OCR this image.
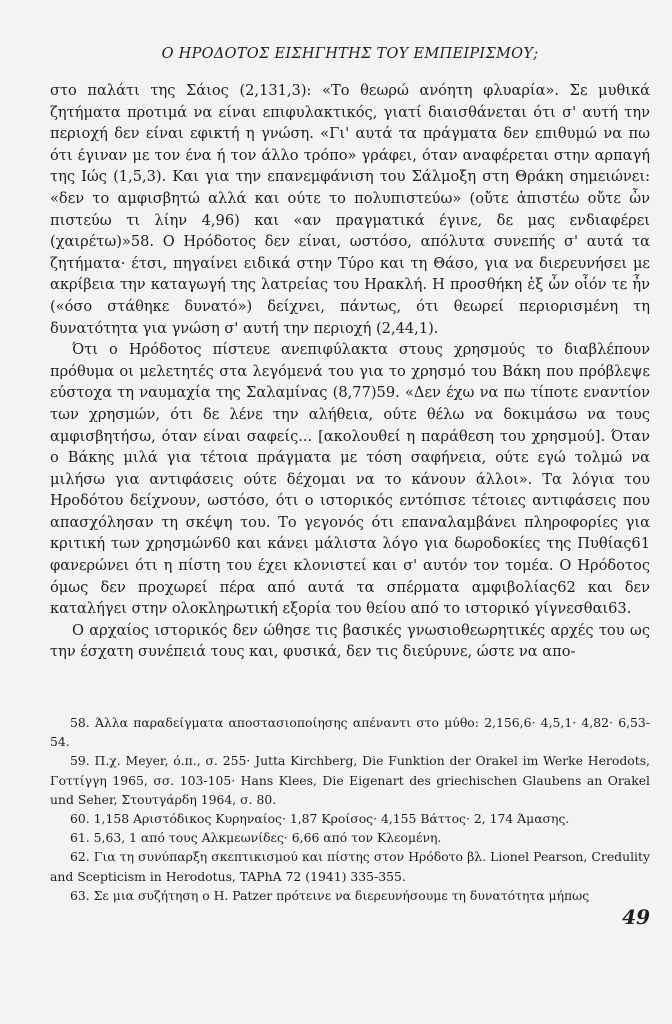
Ο ΗΡΟΔΟΤΟΣ ΕΙΣΗΓΗΤΗΣ ΤΟΥ ΕΜΠΕΙΡΙΣΜΟΥ;

στο παλάτι της Σάιος (2,131,3): «Το θεωρώ ανόητη φλυαρία». Σε μυθικά ζητήματα προτιμά να είναι επιφυλακτικός, γιατί διαισθάνεται ότι σ' αυτή την περιοχή δεν είναι εφικτή η γνώση. «Γι' αυτά τα πράγματα δεν επιθυμώ να πω ότι έγιναν με τον ένα ή τον άλλο τρόπο» γράφει, όταν αναφέρεται στην αρπαγή της Ιώς (1,5,3). Και για την επανεμφάνιση του Σάλμοξη στη Θράκη σημειώνει: «δεν το αμφισβητώ αλλά και ούτε το πολυπιστεύω» (οὔτε ἀπιστέω οὔτε ὦν πιστεύω τι λίην 4,96) και «αν πραγματικά έγινε, δε μας ενδιαφέρει (χαιρέτω)»58. Ο Ηρόδοτος δεν είναι, ωστόσο, απόλυτα συνεπής σ' αυτά τα ζητήματα· έτσι, πηγαίνει ειδικά στην Τύρο και τη Θάσο, για να διερευνήσει με ακρίβεια την καταγωγή της λατρείας του Ηρακλή. Η προσθήκη ἐξ ὧν οἷόν τε ἦν («όσο στάθηκε δυνατό») δείχνει, πάντως, ότι θεωρεί περιορισμένη τη δυνατότητα για γνώση σ' αυτή την περιοχή (2,44,1).

Ότι ο Ηρόδοτος πίστευε ανεπιφύλακτα στους χρησμούς το διαβλέπουν πρόθυμα οι μελετητές στα λεγόμενά του για το χρησμό του Βάκη που πρόβλεψε εύστοχα τη ναυμαχία της Σαλαμίνας (8,77)59. «Δεν έχω να πω τίποτε εναντίον των χρησμών, ότι δε λένε την αλήθεια, ούτε θέλω να δοκιμάσω να τους αμφισβητήσω, όταν είναι σαφείς... [ακολουθεί η παράθεση του χρησμού]. Όταν ο Βάκης μιλά για τέτοια πράγματα με τόση σαφήνεια, ούτε εγώ τολμώ να μιλήσω για αντιφάσεις ούτε δέχομαι να το κάνουν άλλοι». Τα λόγια του Ηροδότου δείχνουν, ωστόσο, ότι ο ιστορικός εντόπισε τέτοιες αντιφάσεις που απασχόλησαν τη σκέψη του. Το γεγονός ότι επαναλαμβάνει πληροφορίες για κριτική των χρησμών60 και κάνει μάλιστα λόγο για δωροδοκίες της Πυθίας61 φανερώνει ότι η πίστη του έχει κλονιστεί και σ' αυτόν τον τομέα. Ο Ηρόδοτος όμως δεν προχωρεί πέρα από αυτά τα σπέρματα αμφιβολίας62 και δεν καταλήγει στην ολοκληρωτική εξορία του θείου από το ιστορικό γίγνεσθαι63.

Ο αρχαίος ιστορικός δεν ώθησε τις βασικές γνωσιοθεωρητικές αρχές του ως την έσχατη συνέπειά τους και, φυσικά, δεν τις διεύρυνε, ώστε να απο-

58. Άλλα παραδείγματα αποστασιοποίησης απέναντι στο μύθο: 2,156,6· 4,5,1· 4,82· 6,53-54.
59. Π.χ. Meyer, ό.π., σ. 255· Jutta Kirchberg, Die Funktion der Orakel im Werke Herodots, Γοττίγγη 1965, σσ. 103-105· Hans Klees, Die Eigenart des griechischen Glaubens an Orakel und Seher, Στουτγάρδη 1964, σ. 80.
60. 1,158 Αριστόδικος Κυρηναίος· 1,87 Κροίσος· 4,155 Βάττος· 2, 174 Άμασης.
61. 5,63, 1 από τους Αλκμεωνίδες· 6,66 από τον Κλεομένη.
62. Για τη συνύπαρξη σκεπτικισμού και πίστης στον Ηρόδοτο βλ. Lionel Pearson, Credulity and Scepticism in Herodotus, TAPhA 72 (1941) 335-355.
63. Σε μια συζήτηση ο H. Patzer πρότεινε να διερευνήσουμε τη δυνατότητα μήπως
49
